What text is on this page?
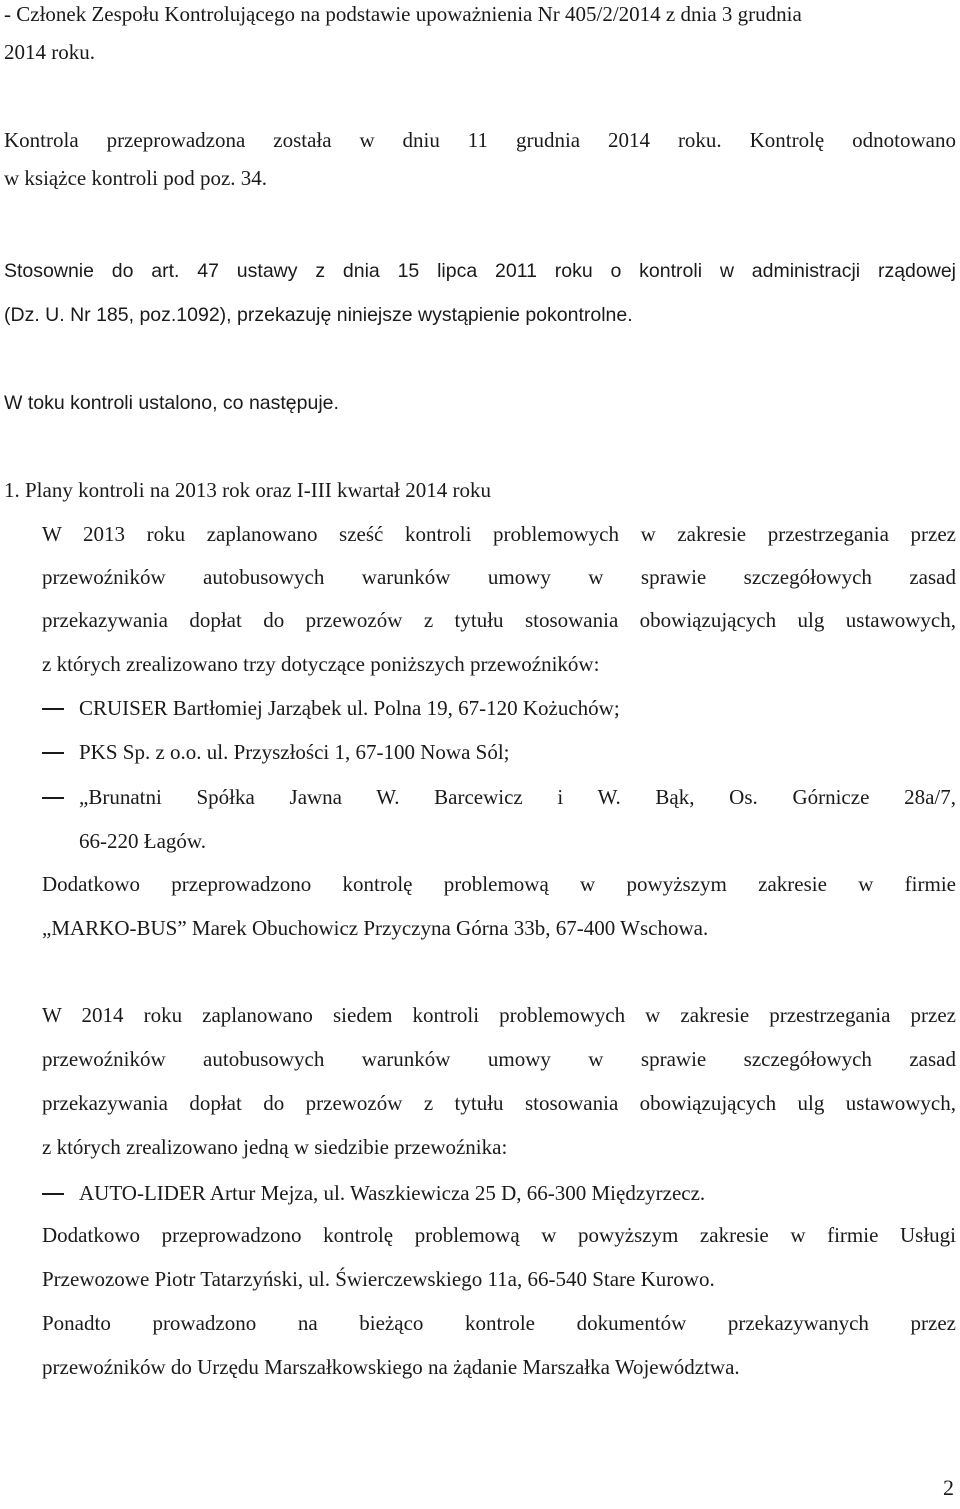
- Członek Zespołu Kontrolującego na podstawie upoważnienia Nr 405/2/2014 z dnia 3 grudnia

2014 roku.

Kontrola przeprowadzona została w dniu 11 grudnia 2014 roku. Kontrolę odnotowano

w książce kontroli pod poz. 34.

Stosownie do art. 47 ustawy z dnia 15 lipca 2011 roku o kontroli w administracji rządowej

(Dz. U. Nr 185, poz.1092), przekazuję niniejsze wystąpienie pokontrolne.

W toku kontroli ustalono, co następuje.

1. Plany kontroli na 2013 rok oraz I-III kwartał 2014 roku

W 2013 roku zaplanowano sześć kontroli problemowych w zakresie przestrzegania przez

przewoźników autobusowych warunków umowy w sprawie szczegółowych zasad

przekazywania dopłat do przewozów z tytułu stosowania obowiązujących ulg ustawowych,

z których zrealizowano trzy dotyczące poniższych przewoźników:

CRUISER Bartłomiej Jarząbek ul. Polna 19, 67-120 Kożuchów;

PKS Sp. z o.o. ul. Przyszłości 1, 67-100 Nowa Sól;

„Brunatni Spółka Jawna W. Barcewicz i W. Bąk, Os. Górnicze 28a/7,

66-220 Łagów.

Dodatkowo przeprowadzono kontrolę problemową w powyższym zakresie w firmie

„MARKO-BUS” Marek Obuchowicz Przyczyna Górna 33b, 67-400 Wschowa.

W 2014 roku zaplanowano siedem kontroli problemowych w zakresie przestrzegania przez

przewoźników autobusowych warunków umowy w sprawie szczegółowych zasad

przekazywania dopłat do przewozów z tytułu stosowania obowiązujących ulg ustawowych,

z których zrealizowano jedną w siedzibie przewoźnika:

AUTO-LIDER Artur Mejza, ul. Waszkiewicza 25 D, 66-300 Międzyrzecz.

Dodatkowo przeprowadzono kontrolę problemową w powyższym zakresie w firmie Usługi

Przewozowe Piotr Tatarzyński, ul. Świerczewskiego 11a, 66-540 Stare Kurowo.

Ponadto prowadzono na bieżąco kontrole dokumentów przekazywanych przez

przewoźników do Urzędu Marszałkowskiego na żądanie Marszałka Województwa.

2
